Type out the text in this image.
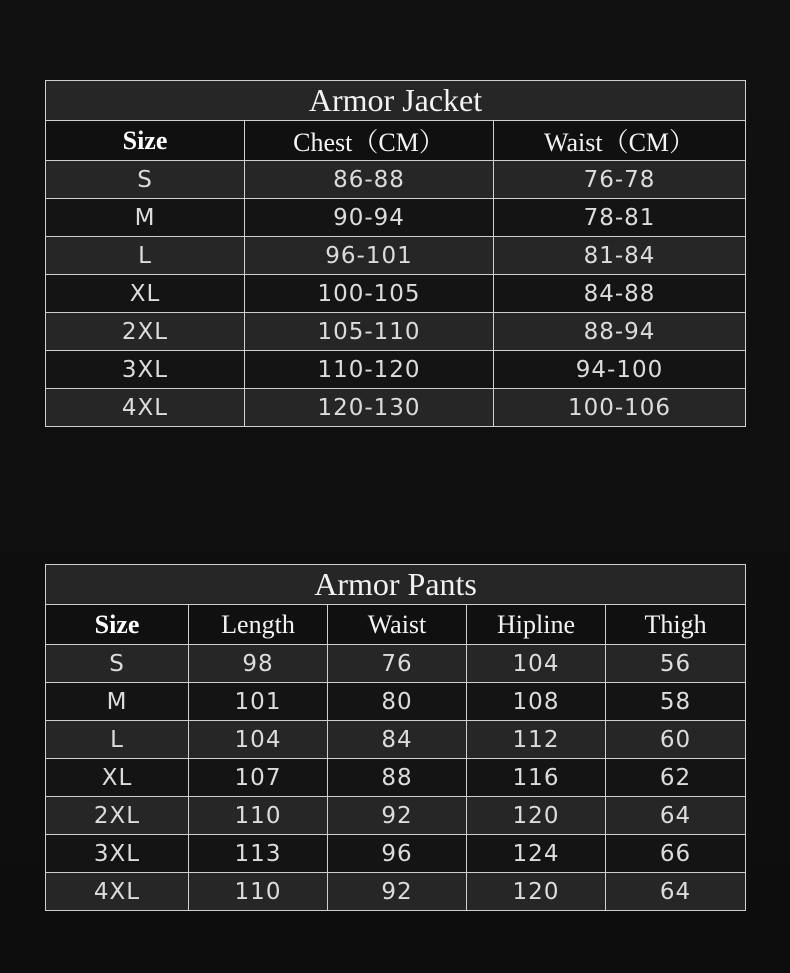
Armor Jacket		
Size	Chest（CM）	Waist（CM）
S	86-88	76-78
M	90-94	78-81
L	96-101	81-84
XL	100-105	84-88
2XL	105-110	88-94
3XL	110-120	94-100
4XL	120-130	100-106
Armor Pants				
Size	Length	Waist	Hipline	Thigh
S	98	76	104	56
M	101	80	108	58
L	104	84	112	60
XL	107	88	116	62
2XL	110	92	120	64
3XL	113	96	124	66
4XL	110	92	120	64
